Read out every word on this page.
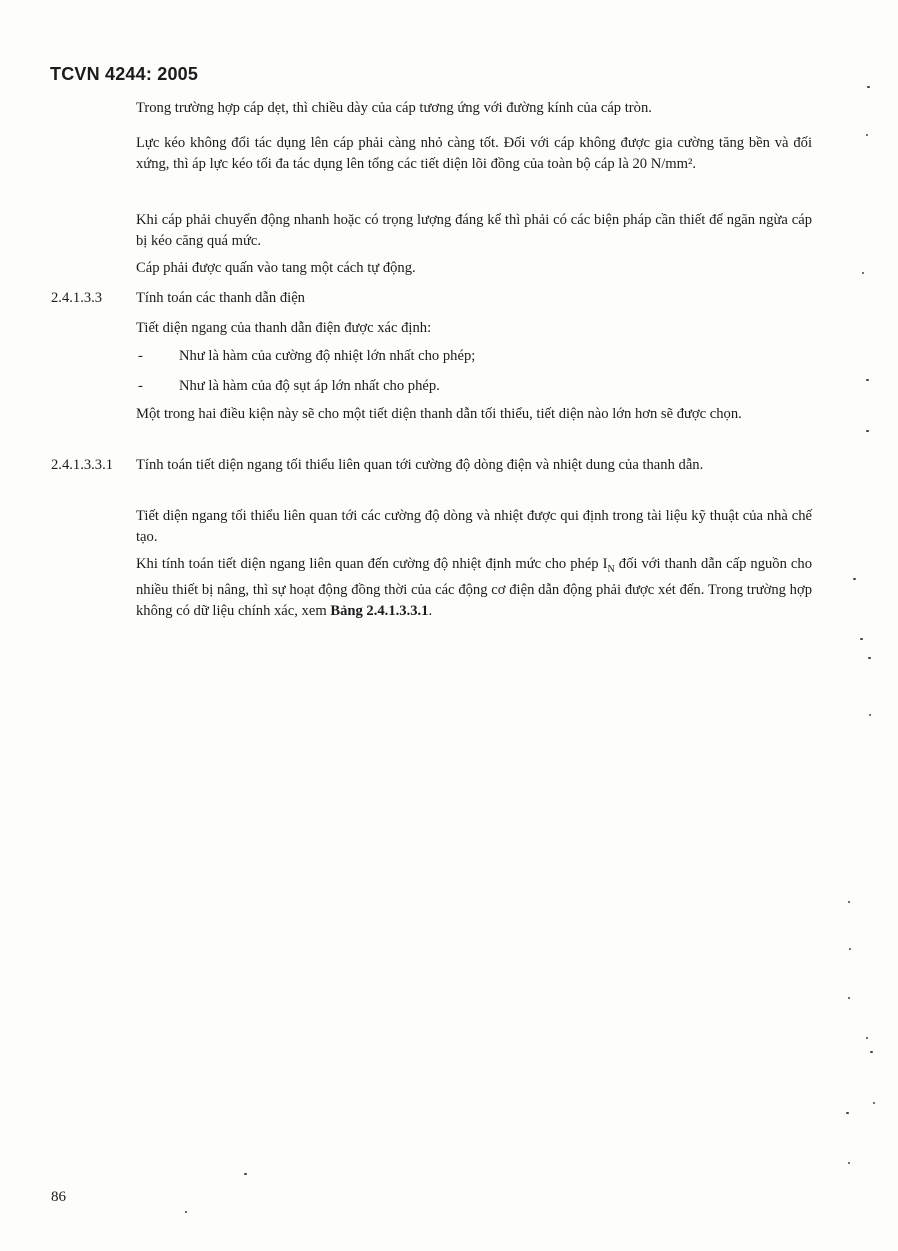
TCVN 4244: 2005

Trong trường hợp cáp dẹt, thì chiều dày của cáp tương ứng với đường kính của cáp tròn.

Lực kéo không đổi tác dụng lên cáp phải càng nhỏ càng tốt. Đối với cáp không được gia cường tăng bền và đối xứng, thì áp lực kéo tối đa tác dụng lên tổng các tiết diện lõi đồng của toàn bộ cáp là 20 N/mm².

Khi cáp phải chuyển động nhanh hoặc có trọng lượng đáng kể thì phải có các biện pháp cần thiết để ngăn ngừa cáp bị kéo căng quá mức.

Cáp phải được quấn vào tang một cách tự động.

2.4.1.3.3 Tính toán các thanh dẫn điện

Tiết diện ngang của thanh dẫn điện được xác định:

- Như là hàm của cường độ nhiệt lớn nhất cho phép;
- Như là hàm của độ sụt áp lớn nhất cho phép.

Một trong hai điều kiện này sẽ cho một tiết diện thanh dẫn tối thiểu, tiết diện nào lớn hơn sẽ được chọn.

2.4.1.3.3.1 Tính toán tiết diện ngang tối thiểu liên quan tới cường độ dòng điện và nhiệt dung của thanh dẫn.

Tiết diện ngang tối thiểu liên quan tới các cường độ dòng và nhiệt được qui định trong tài liệu kỹ thuật của nhà chế tạo.

Khi tính toán tiết diện ngang liên quan đến cường độ nhiệt định mức cho phép $I_N$ đối với thanh dẫn cấp nguồn cho nhiều thiết bị nâng, thì sự hoạt động đồng thời của các động cơ điện dẫn động phải được xét đến. Trong trường hợp không có dữ liệu chính xác, xem Bảng 2.4.1.3.3.1.

86
